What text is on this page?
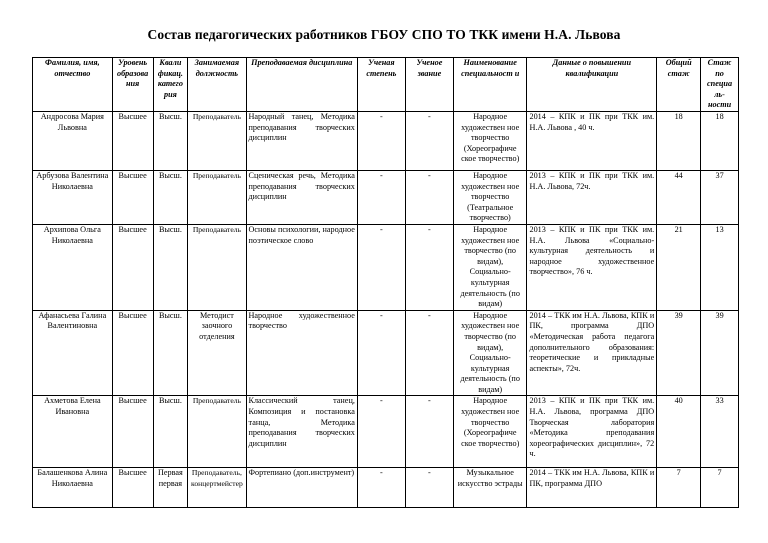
Состав педагогических работников ГБОУ СПО ТО ТКК имени Н.А. Львова
Фамилия, имя, отчество	Уровень образова ния	Квали фикац. катего рия	Занимаемая должность	Преподаваемая дисциплина	Ученая степень	Ученое звание	Наименование специальност и	Данные о повышении квалификации	Общий стаж	Стаж по специа ль- ности
Андросова Мария Львовна	Высшее	Высш.	Преподаватель	Народный танец, Методика преподавания творческих дисциплин	-	-	Народное художествен ное творчество (Хореографиче ское творчество)	2014 – КПК и ПК при ТКК им. Н.А. Львова , 40 ч.	18	18
Арбузова Валентина Николаевна	Высшее	Высш.	Преподаватель	Сценическая речь, Методика преподавания творческих дисциплин	-	-	Народное художествен ное творчество (Театральное творчество)	2013 – КПК и ПК при ТКК им. Н.А. Львова, 72ч.	44	37
Архипова Ольга Николаевна	Высшее	Высш.	Преподаватель	Основы психологии, народное поэтическое слово	-	-	Народное художествен ное творчество (по видам), Социально-культурная деятельность (по видам)	2013 – КПК и ПК при ТКК им. Н.А. Львова «Социально-культурная деятельность и народное художественное творчество», 76 ч.	21	13
Афанасьева Галина Валентиновна	Высшее	Высш.	Методист заочного отделения	Народное художественное творчество	-	-	Народное художествен ное творчество (по видам), Социально-культурная деятельность (по видам)	2014 – ТКК им Н.А. Львова, КПК и ПК, программа ДПО «Методическая работа педагога дополнительного образования: теоретические и прикладные аспекты», 72ч.	39	39
Ахметова Елена Ивановна	Высшее	Высш.	Преподаватель	Классический танец, Композиция и постановка танца, Методика преподавания творческих дисциплин	-	-	Народное художествен ное творчество (Хореографиче ское творчество)	2013 – КПК и ПК при ТКК им. Н.А. Львова, программа ДПО Творческая лаборатория «Методика преподавания хореографических дисциплин», 72 ч.	40	33
Балашенкова Алина Николаевна	Высшее	Первая первая	Преподаватель, концертмейстер	Фортепиано (доп.инструмент)	-	-	Музыкальное искусство эстрады	2014 – ТКК им Н.А. Львова, КПК и ПК, программа ДПО	7	7
